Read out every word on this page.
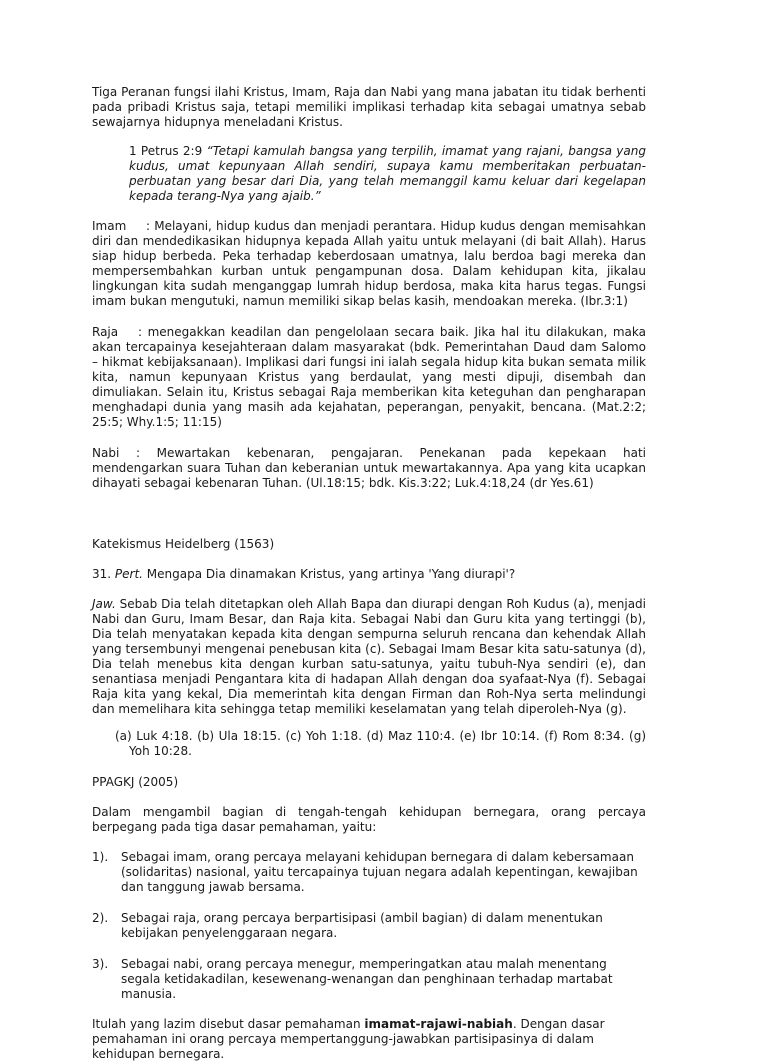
Tiga Peranan fungsi ilahi Kristus, Imam, Raja dan Nabi yang mana jabatan itu tidak berhenti pada pribadi Kristus saja, tetapi memiliki implikasi terhadap kita sebagai umatnya sebab sewajarnya hidupnya meneladani Kristus.

1 Petrus 2:9 “Tetapi kamulah bangsa yang terpilih, imamat yang rajani, bangsa yang kudus, umat kepunyaan Allah sendiri, supaya kamu memberitakan perbuatan-perbuatan yang besar dari Dia, yang telah memanggil kamu keluar dari kegelapan kepada terang-Nya yang ajaib.”

Imam : Melayani, hidup kudus dan menjadi perantara. Hidup kudus dengan memisahkan diri dan mendedikasikan hidupnya kepada Allah yaitu untuk melayani (di bait Allah). Harus siap hidup berbeda. Peka terhadap keberdosaan umatnya, lalu berdoa bagi mereka dan mempersembahkan kurban untuk pengampunan dosa. Dalam kehidupan kita, jikalau lingkungan kita sudah menganggap lumrah hidup berdosa, maka kita harus tegas. Fungsi imam bukan mengutuki, namun memiliki sikap belas kasih, mendoakan mereka. (Ibr.3:1)

Raja : menegakkan keadilan dan pengelolaan secara baik. Jika hal itu dilakukan, maka akan tercapainya kesejahteraan dalam masyarakat (bdk. Pemerintahan Daud dam Salomo – hikmat kebijaksanaan). Implikasi dari fungsi ini ialah segala hidup kita bukan semata milik kita, namun kepunyaan Kristus yang berdaulat, yang mesti dipuji, disembah dan dimuliakan. Selain itu, Kristus sebagai Raja memberikan kita keteguhan dan pengharapan menghadapi dunia yang masih ada kejahatan, peperangan, penyakit, bencana. (Mat.2:2; 25:5; Why.1:5; 11:15)

Nabi : Mewartakan kebenaran, pengajaran. Penekanan pada kepekaan hati mendengarkan suara Tuhan dan keberanian untuk mewartakannya. Apa yang kita ucapkan dihayati sebagai kebenaran Tuhan. (Ul.18:15; bdk. Kis.3:22; Luk.4:18,24 (dr Yes.61)

Katekismus Heidelberg (1563)

31. Pert. Mengapa Dia dinamakan Kristus, yang artinya 'Yang diurapi'?

Jaw. Sebab Dia telah ditetapkan oleh Allah Bapa dan diurapi dengan Roh Kudus (a), menjadi Nabi dan Guru, Imam Besar, dan Raja kita. Sebagai Nabi dan Guru kita yang tertinggi (b), Dia telah menyatakan kepada kita dengan sempurna seluruh rencana dan kehendak Allah yang tersembunyi mengenai penebusan kita (c). Sebagai Imam Besar kita satu-satunya (d), Dia telah menebus kita dengan kurban satu-satunya, yaitu tubuh-Nya sendiri (e), dan senantiasa menjadi Pengantara kita di hadapan Allah dengan doa syafaat-Nya (f). Sebagai Raja kita yang kekal, Dia memerintah kita dengan Firman dan Roh-Nya serta melindungi dan memelihara kita sehingga tetap memiliki keselamatan yang telah diperoleh-Nya (g).

(a) Luk 4:18. (b) Ula 18:15. (c) Yoh 1:18. (d) Maz 110:4. (e) Ibr 10:14. (f) Rom 8:34. (g) Yoh 10:28.

PPAGKJ (2005)

Dalam mengambil bagian di tengah-tengah kehidupan bernegara, orang percaya berpegang pada tiga dasar pemahaman, yaitu:

1). Sebagai imam, orang percaya melayani kehidupan bernegara di dalam kebersamaan (solidaritas) nasional, yaitu tercapainya tujuan negara adalah kepentingan, kewajiban dan tanggung jawab bersama.

2). Sebagai raja, orang percaya berpartisipasi (ambil bagian) di dalam menentukan kebijakan penyelenggaraan negara.

3). Sebagai nabi, orang percaya menegur, memperingatkan atau malah menentang segala ketidakadilan, kesewenang-wenangan dan penghinaan terhadap martabat manusia.

Itulah yang lazim disebut dasar pemahaman imamat-rajawi-nabiah. Dengan dasar pemahaman ini orang percaya mempertanggung-jawabkan partisipasinya di dalam kehidupan bernegara.
